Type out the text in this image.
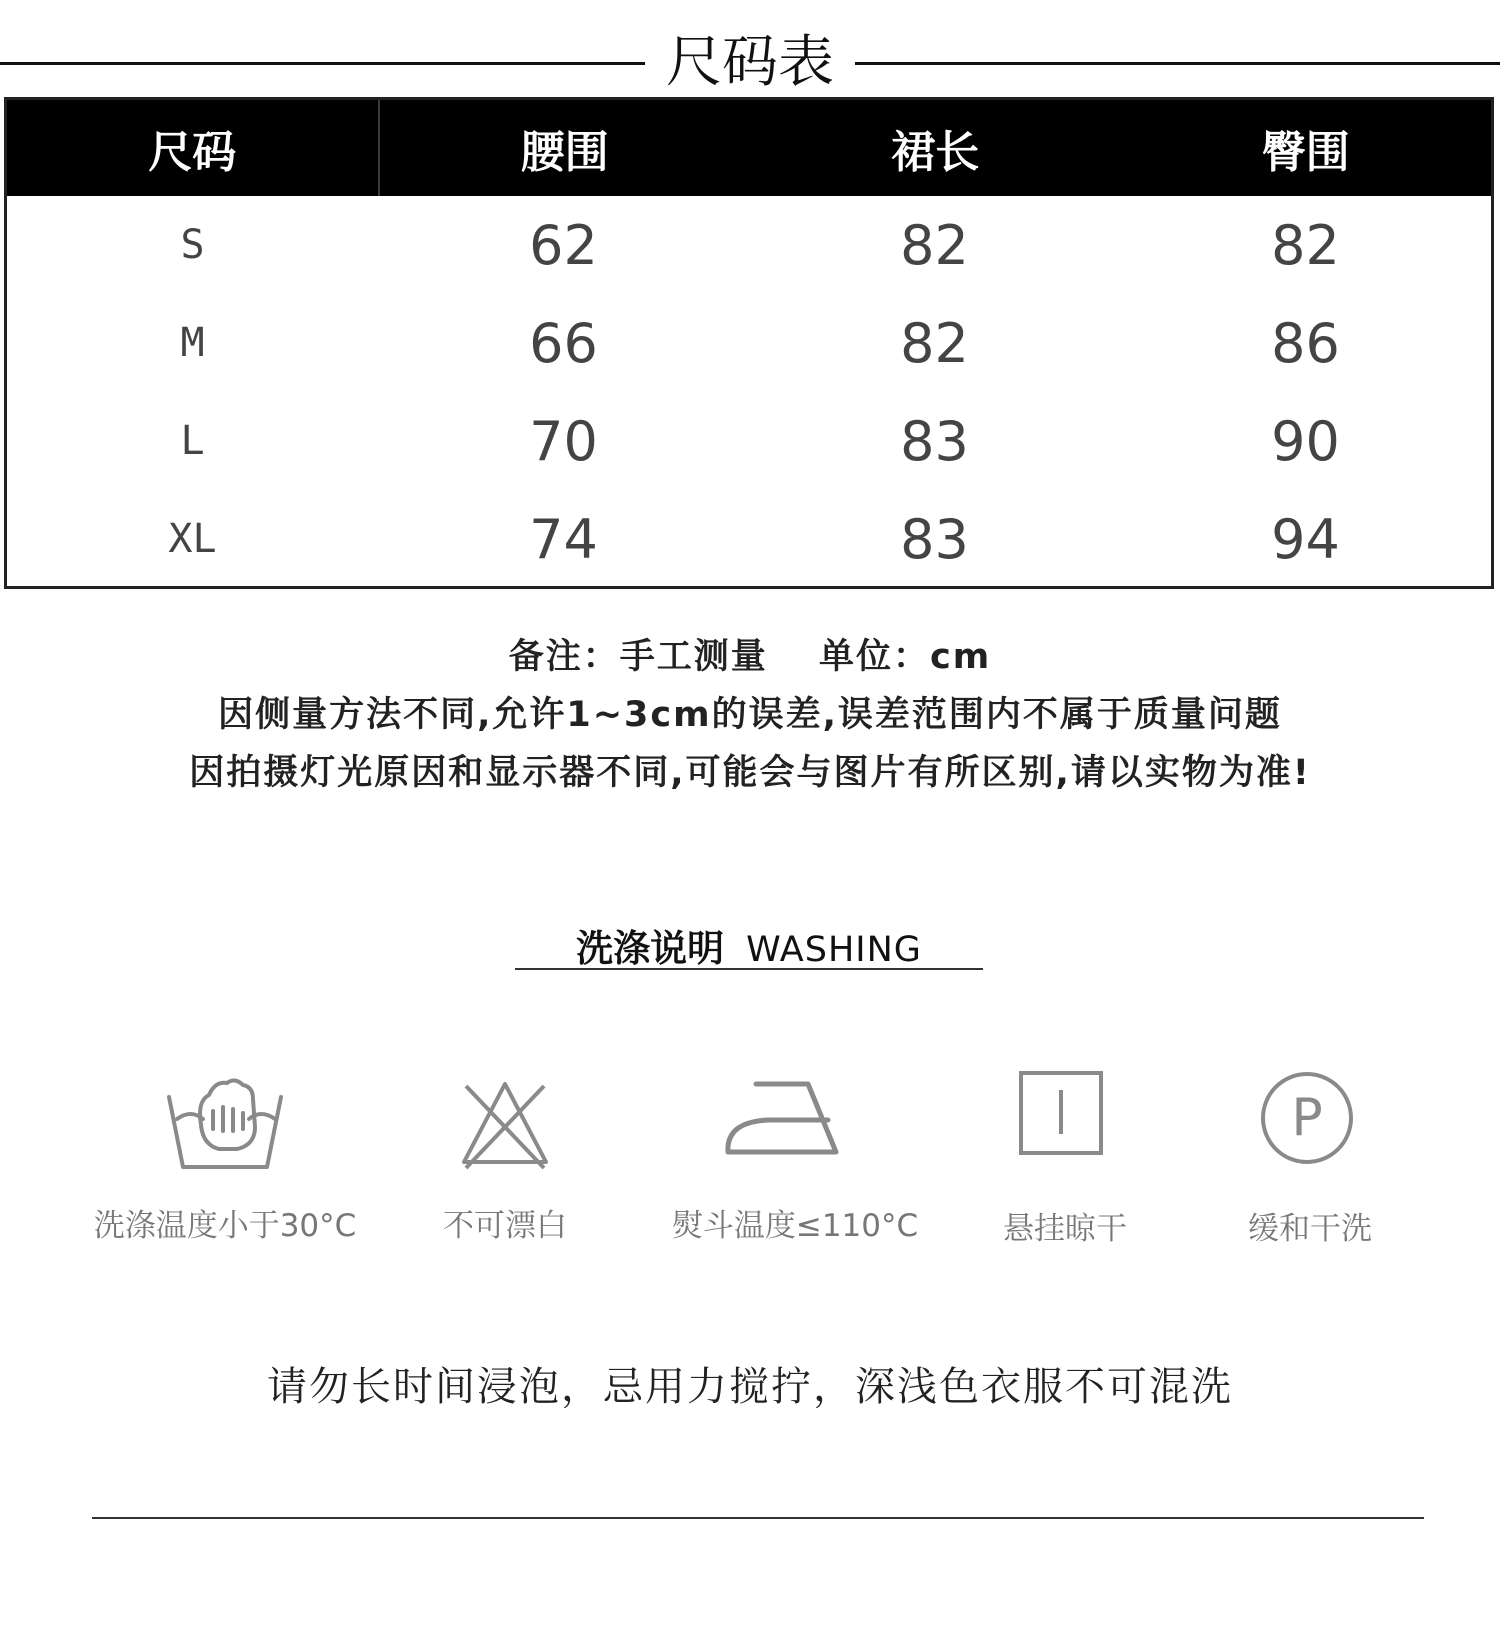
尺码表
尺码	腰围	裙长	臀围
S	62	82	82
M	66	82	86
L	70	83	90
XL	74	83	94
备注：手工测量　 单位：cm
因侧量方法不同,允许1~3cm的误差,误差范围内不属于质量问题
因拍摄灯光原因和显示器不同,可能会与图片有所区别,请以实物为准!
洗涤说明 WASHING
洗涤温度小于30°C	不可漂白	熨斗温度≤110°C	悬挂晾干
P
缓和干洗
请勿长时间浸泡，忌用力搅拧，深浅色衣服不可混洗
